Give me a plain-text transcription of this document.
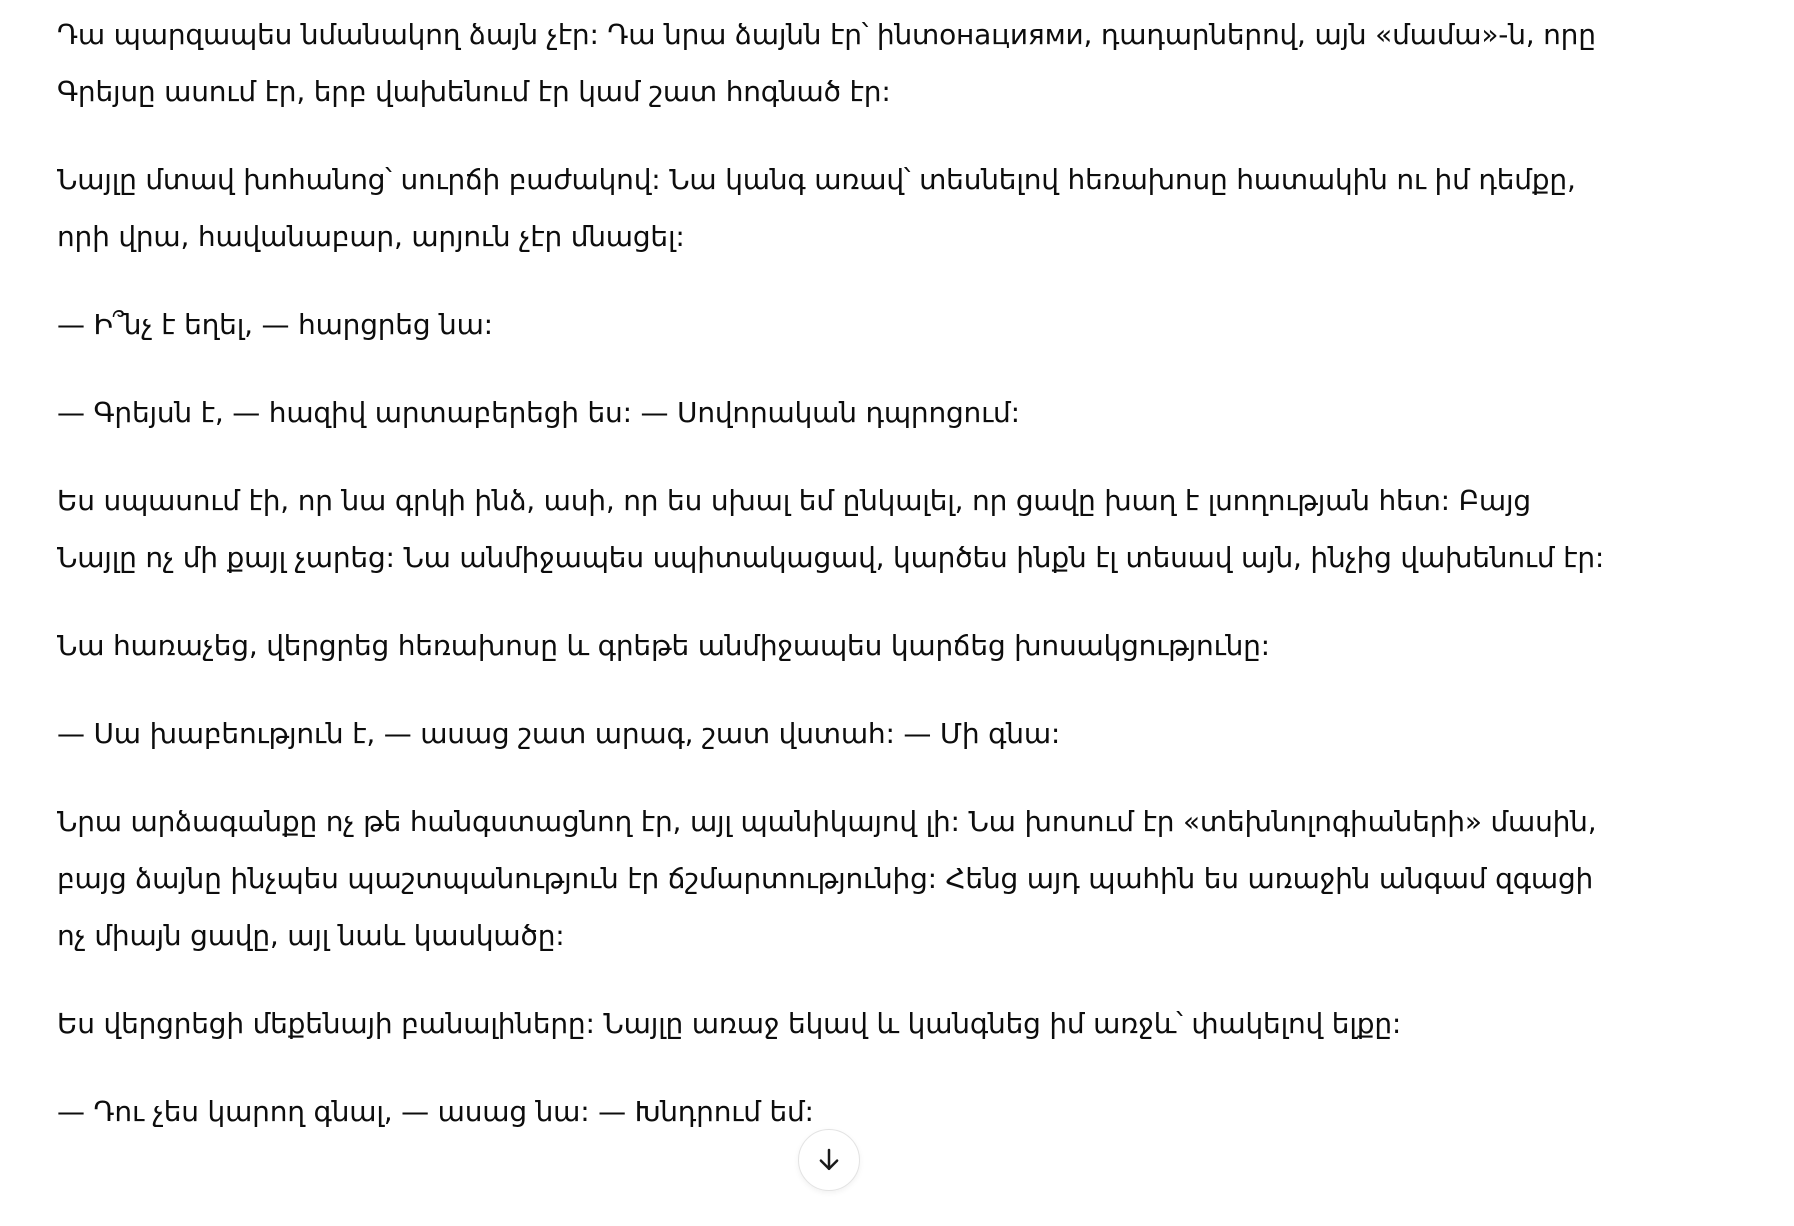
Դա պարզապես նմանակող ձայն չէր: Դա նրա ձայնն էր՝ ինտонациями, դադարներով, այն «մամա»-ն, որը Գրեյսը ասում էր, երբ վախենում էր կամ շատ հոգնած էր:

Նայլը մտավ խոհանոց՝ սուրճի բաժակով: Նա կանգ առավ՝ տեսնելով հեռախոսը հատակին ու իմ դեմքը, որի վրա, հավանաբար, արյուն չէր մնացել:

— Ի՞նչ է եղել, — հարցրեց նա:

— Գրեյսն է, — հազիվ արտաբերեցի ես: — Սովորական դպրոցում:

Ես սպասում էի, որ նա գրկի ինձ, ասի, որ ես սխալ եմ ընկալել, որ ցավը խաղ է լսողության հետ: Բայց Նայլը ոչ մի քայլ չարեց: Նա անմիջապես սպիտակացավ, կարծես ինքն էլ տեսավ այն, ինչից վախենում էր:

Նա հառաչեց, վերցրեց հեռախոսը և գրեթե անմիջապես կարճեց խոսակցությունը:

— Սա խաբեություն է, — ասաց շատ արագ, շատ վստահ: — Մի գնա:

Նրա արձագանքը ոչ թե հանգստացնող էր, այլ պանիկայով լի: Նա խոսում էր «տեխնոլոգիաների» մասին, բայց ձայնը ինչպես պաշտպանություն էր ճշմարտությունից: Հենց այդ պահին ես առաջին անգամ զգացի ոչ միայն ցավը, այլ նաև կասկածը:

Ես վերցրեցի մեքենայի բանալիները: Նայլը առաջ եկավ և կանգնեց իմ առջև՝ փակելով ելքը:

— Դու չես կարող գնալ, — ասաց նա: — Խնդրում եմ:
